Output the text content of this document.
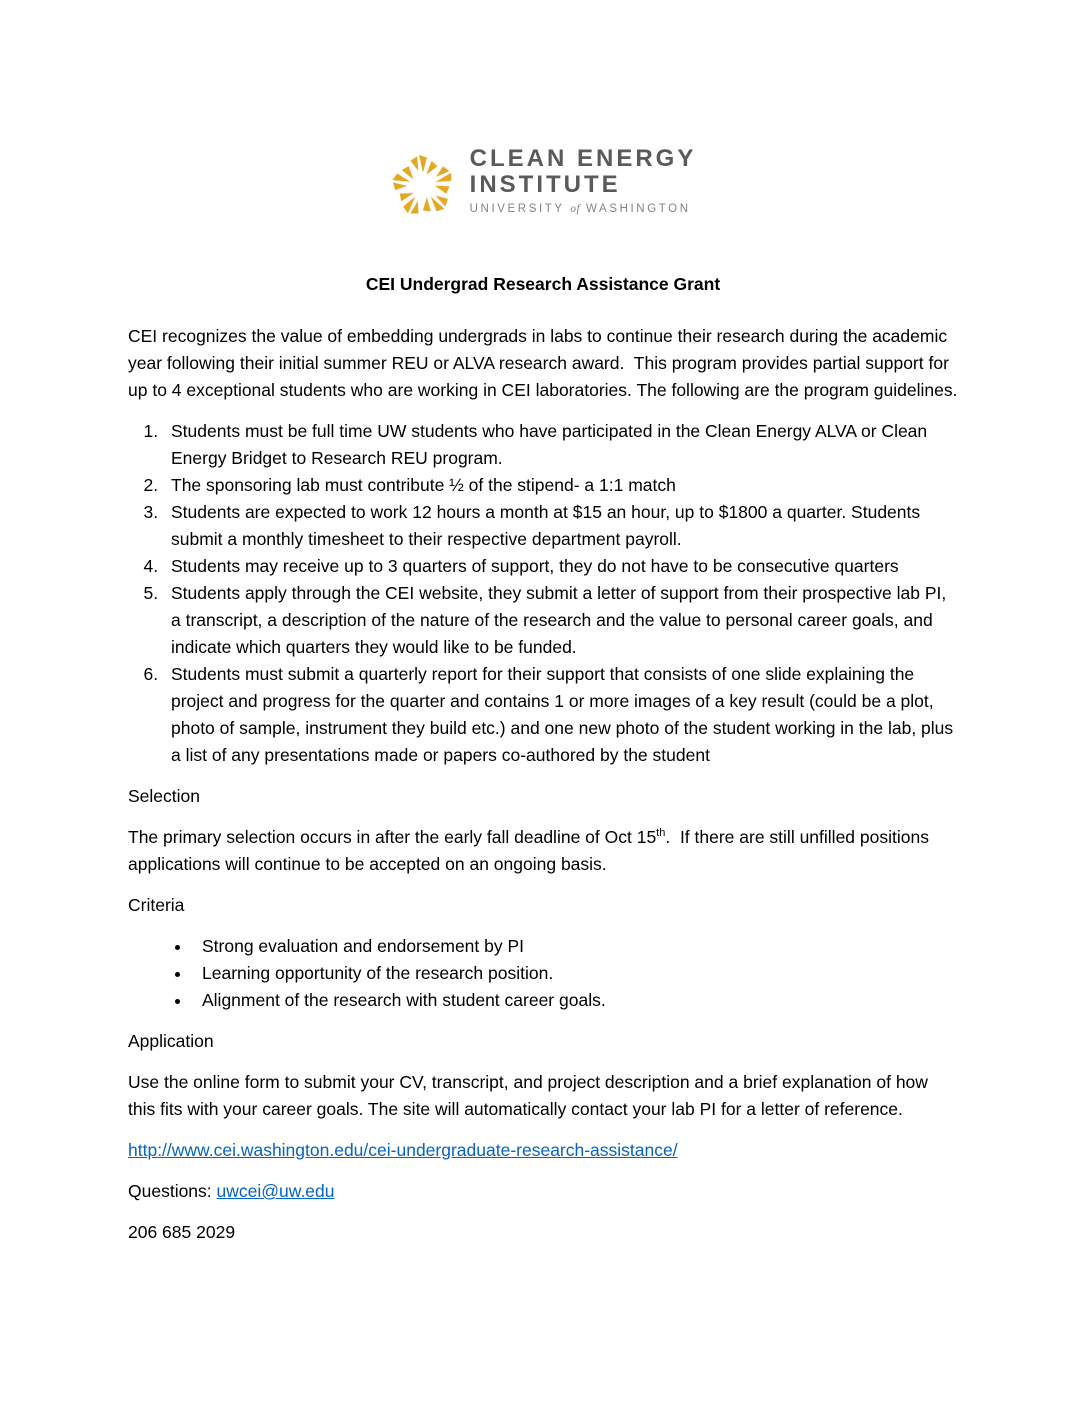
CLEAN ENERGY
INSTITUTE
UNIVERSITY of WASHINGTON
CEI Undergrad Research Assistance Grant

CEI recognizes the value of embedding undergrads in labs to continue their research during the academic year following their initial summer REU or ALVA research award.  This program provides partial support for up to 4 exceptional students who are working in CEI laboratories. The following are the program guidelines.

1. Students must be full time UW students who have participated in the Clean Energy ALVA or Clean Energy Bridget to Research REU program.
2. The sponsoring lab must contribute ½ of the stipend- a 1:1 match
3. Students are expected to work 12 hours a month at $15 an hour, up to $1800 a quarter. Students submit a monthly timesheet to their respective department payroll.
4. Students may receive up to 3 quarters of support, they do not have to be consecutive quarters
5. Students apply through the CEI website, they submit a letter of support from their prospective lab PI, a transcript, a description of the nature of the research and the value to personal career goals, and indicate which quarters they would like to be funded.
6. Students must submit a quarterly report for their support that consists of one slide explaining the project and progress for the quarter and contains 1 or more images of a key result (could be a plot, photo of sample, instrument they build etc.) and one new photo of the student working in the lab, plus a list of any presentations made or papers co-authored by the student
Selection

The primary selection occurs in after the early fall deadline of Oct 15th.  If there are still unfilled positions applications will continue to be accepted on an ongoing basis.

Criteria
• Strong evaluation and endorsement by PI
• Learning opportunity of the research position.
• Alignment of the research with student career goals.
Application

Use the online form to submit your CV, transcript, and project description and a brief explanation of how this fits with your career goals. The site will automatically contact your lab PI for a letter of reference.

http://www.cei.washington.edu/cei-undergraduate-research-assistance/

Questions: uwcei@uw.edu

206 685 2029
